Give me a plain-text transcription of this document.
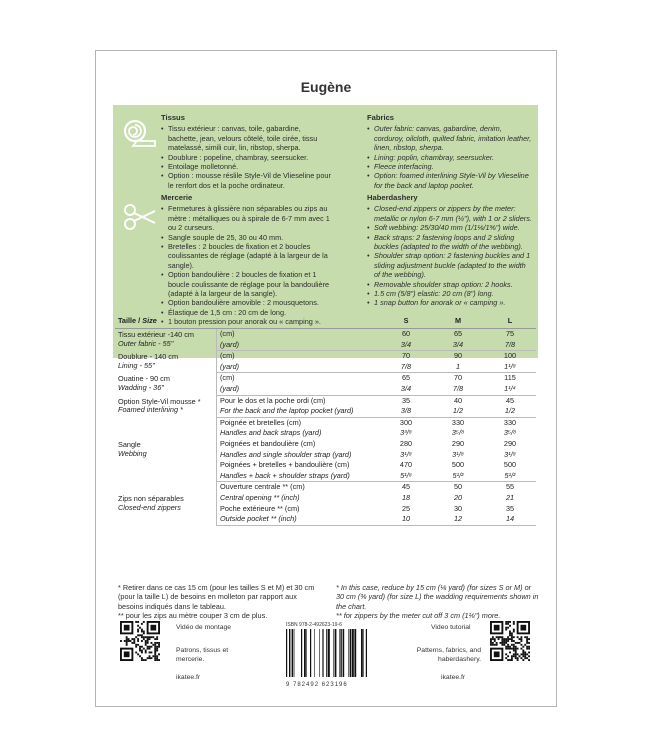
Eugène
Tissus
• Tissu extérieur : canvas, toile, gabardine, bachette, jean, velours côtelé, toile cirée, tissu matelassé, simili cuir, lin, ribstop, sherpa.
• Doublure : popeline, chambray, seersucker.
• Entoilage molletonné.
• Option : mousse réslile Style-Vil de Vlieseline pour le renfort dos et la poche ordinateur.
Fabrics
• Outer fabric: canvas, gabardine, denim, corduroy, oilcloth, quilted fabric, imitation leather, linen, ribstop, sherpa.
• Lining: poplin, chambray, seersucker.
• Fleece interfacing.
• Option: foamed interlining Style-Vil by Vlieseline for the back and laptop pocket.
Mercerie
• Fermetures à glissière non séparables ou zips au mètre : métalliques ou à spirale de 6-7 mm avec 1 ou 2 curseurs.
• Sangle souple de 25, 30 ou 40 mm.
• Bretelles : 2 boucles de fixation et 2 boucles coulissantes de réglage (adapté à la largeur de la sangle).
• Option bandoulière : 2 boucles de fixation et 1 boucle coulissante de réglage pour la bandoulière (adapté à la largeur de la sangle).
• Option bandoulière amovible : 2 mousquetons.
• Élastique de 1,5 cm : 20 cm de long.
• 1 bouton pression pour anorak ou « camping ».
Haberdashery
• Closed-end zippers or zippers by the meter: metallic or nylon 6-7 mm (¼"), with 1 or 2 sliders.
• Soft webbing: 25/30/40 mm (1/1⅛/1⅝") wide.
• Back straps: 2 fastening loops and 2 sliding buckles (adapted to the width of the webbing).
• Shoulder strap option: 2 fastening buckles and 1 sliding adjustment buckle (adapted to the width of the webbing).
• Removable shoulder strap option: 2 hooks.
• 1.5 cm (5/8") elastic: 20 cm (8") long.
• 1 snap button for anorak or « camping ».
Taille / Size		S	M	L

Tissu extérieur -140 cm
Outer fabric - 55"	(cm)	60	65	75
	(yard)	3/4	3/4	7/8

Doublure - 140 cm
Lining - 55"	(cm)	70	90	100
	(yard)	7/8	1	1¹/⁸

Ouatine - 90 cm
Wadding - 36"	(cm)	65	70	115
	(yard)	3/4	7/8	1¹/⁴

Option Style-Vil mousse *
Foamed interlining *	Pour le dos et la poche ordi (cm)	35	40	45
	For the back and the laptop pocket (yard)	3/8	1/2	1/2

Sangle
Webbing	Poignée et bretelles (cm)	300	330	330
	Handles and back straps (yard)	3³/⁸	3⁵/⁸	3⁵/⁸
	Poignées et bandoulière (cm)	280	290	290
	Handles and single shoulder strap (yard)	3¹/⁸	3¹/⁸	3¹/⁸
	Poignées + bretelles + bandoulière (cm)	470	500	500
	Handles + back + shoulder straps (yard)	5¹/⁸	5¹/²	5¹/²

Zips non séparables
Closed-end zippers	Ouverture centrale ** (cm)	45	50	55
	Central opening ** (inch)	18	20	21
	Poche extérieure ** (cm)	25	30	35
	Outside pocket ** (inch)	10	12	14
* Retirer dans ce cas 15 cm (pour les tailles S et M) et 30 cm (pour la taille L) de besoins en molleton par rapport aux besoins indiqués dans le tableau.
** pour les zips au mètre couper 3 cm de plus.
* In this case, reduce by 15 cm (⅛ yard) (for sizes S or M) or 30 cm (⅜ yard) (for size L) the wadding requirements shown in the chart.
** for zippers by the meter cut off 3 cm (1⅛") more.
Vidéo de montage
Patrons, tissus et mercerie.
ikatee.fr
ISBN 978-2-492623-19-6
9 782492 623196
Video tutorial
Patterns, fabrics, and haberdashery.
ikatee.fr
